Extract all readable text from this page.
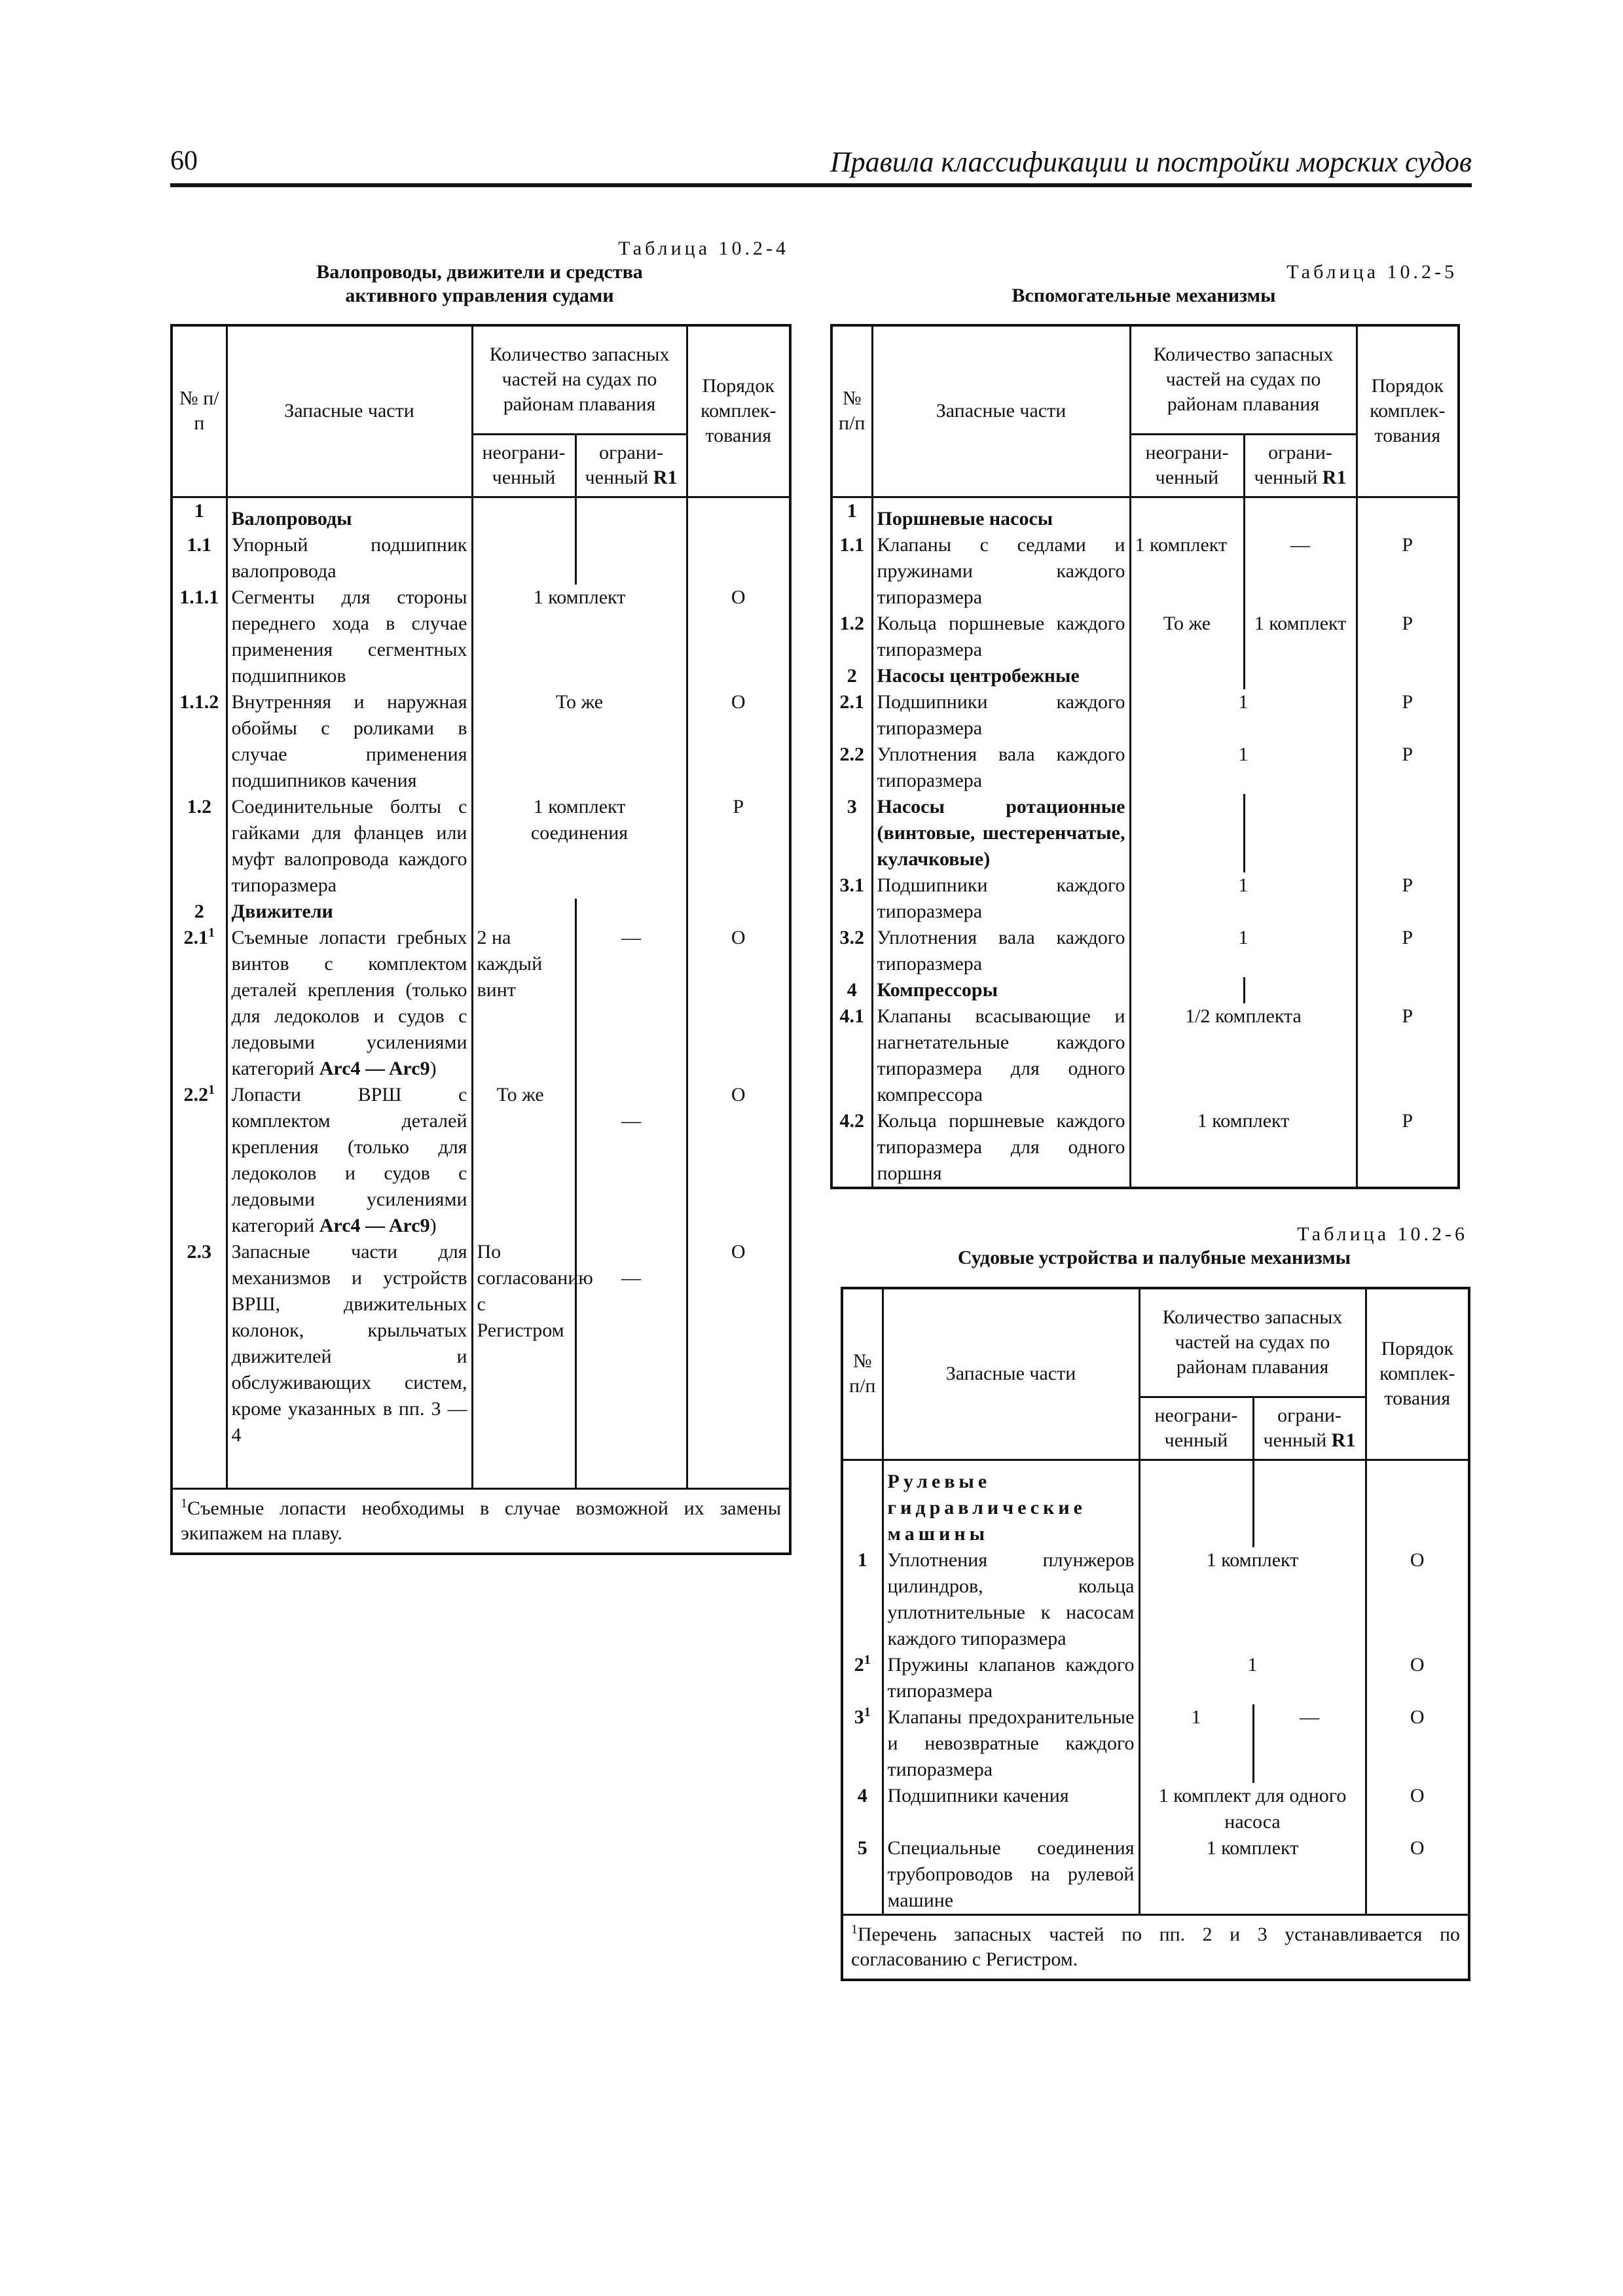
60	Правила классификации и постройки морских судов
Таблица 10.2-4
Валопроводы, движители и средства
активного управления судами
№ п/п	Запасные части	Количество запасных частей на судах по районам плавания		Порядок комплек-тования
		неограни-ченный	ограни-ченный R1	
1	Валопроводы			
1.1	Упорный подшипник валопровода			
1.1.1	Сегменты для стороны переднего хода в случае применения сегментных подшипников	1 комплект		О
1.1.2	Внутренняя и наружная обоймы с роликами в случае применения подшипников качения	То же		О
1.2	Соединительные болты с гайками для фланцев или муфт валопровода каждого типоразмера	1 комплект соединения		Р
2	Движители			
$2.1^1$	Съемные лопасти гребных винтов с комплектом деталей крепления (только для ледоколов и судов с ледовыми усилениями категорий Arc4 — Arc9)	2 на каждый винт	—	О
$2.2^1$	Лопасти ВРШ с комплектом деталей крепления (только для ледоколов и судов с ледовыми усилениями категорий Arc4 — Arc9)	То же	—	О
2.3	Запасные части для механизмов и устройств ВРШ, движительных колонок, крыльчатых движителей и обслуживающих систем, кроме указанных в пп. 3 — 4	По согласованию с Регистром	—	О

$^1$Съемные лопасти необходимы в случае возможной их замены экипажем на плаву.				
Таблица 10.2-5
Вспомогательные механизмы
№ п/п	Запасные части	Количество запасных частей на судах по районам плавания		Порядок комплек-тования
		неограни-ченный	ограни-ченный R1	
1	Поршневые насосы			
1.1	Клапаны с седлами и пружинами каждого типоразмера	1 комплект	—	Р
1.2	Кольца поршневые каждого типоразмера	То же	1 комплект	Р
2	Насосы центробежные			
2.1	Подшипники каждого типоразмера	1		Р
2.2	Уплотнения вала каждого типоразмера	1		Р
3	Насосы ротационные (винтовые, шестеренчатые, кулачковые)			
3.1	Подшипники каждого типоразмера	1		Р
3.2	Уплотнения вала каждого типоразмера	1		Р
4	Компрессоры			
4.1	Клапаны всасывающие и нагнетательные каждого типоразмера для одного компрессора	1/2 комплекта		Р
4.2	Кольца поршневые каждого типоразмера для одного поршня	1 комплект		Р
Таблица 10.2-6
Судовые устройства и палубные механизмы
№ п/п	Запасные части	Количество запасных частей на судах по районам плавания		Порядок комплек-тования
		неограни-ченный	ограни-ченный R1	
	Рулевые гидравлические машины			
1	Уплотнения плунжеров цилиндров, кольца уплотнительные к насосам каждого типоразмера	1 комплект		О
$2^1$	Пружины клапанов каждого типоразмера	1		О
$3^1$	Клапаны предохранительные и невозвратные каждого типоразмера	1	—	О
4	Подшипники качения	1 комплект для одного насоса		О
5	Специальные соединения трубопроводов на рулевой машине	1 комплект		О
$^1$Перечень запасных частей по пп. 2 и 3 устанавливается по согласованию с Регистром.				
